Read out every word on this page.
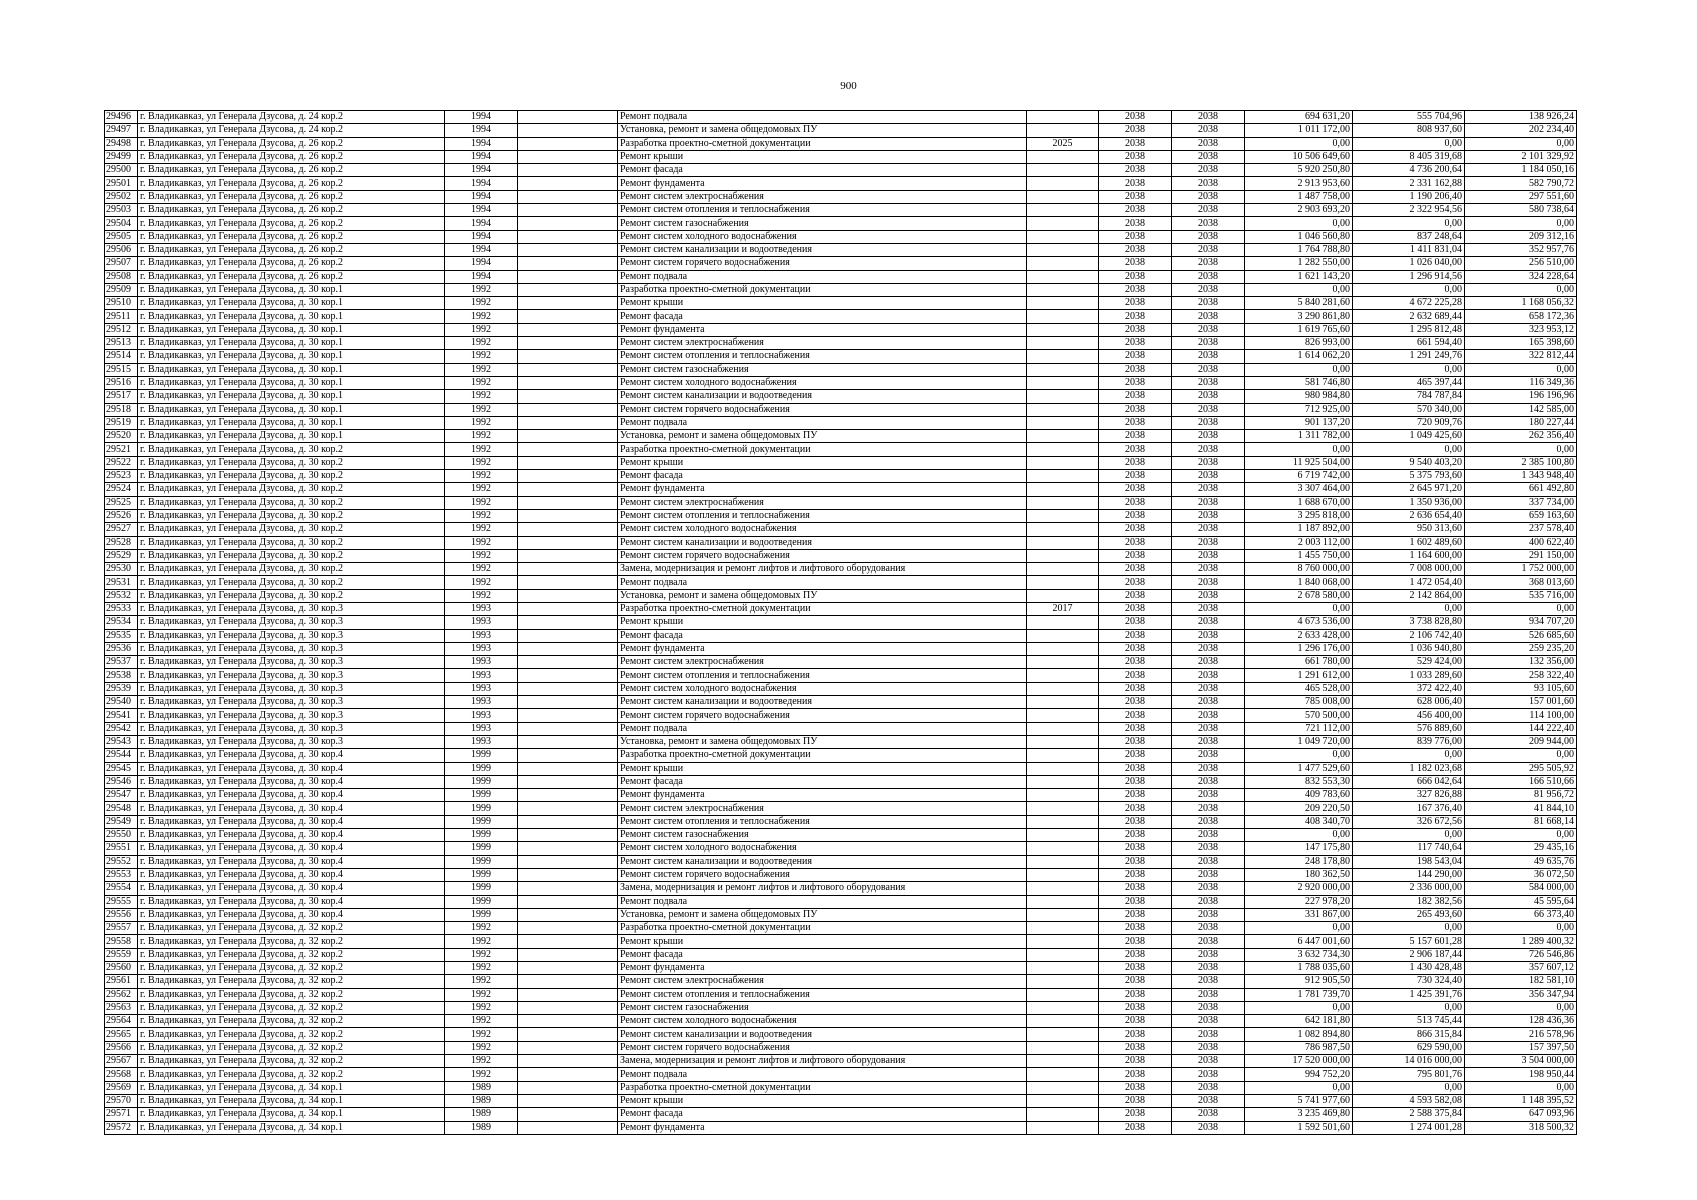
900
29496	г. Владикавказ, ул Генерала Дзусова, д. 24 кор.2	1994		Ремонт подвала		2038	2038	694 631,20	555 704,96	138 926,24
29497	г. Владикавказ, ул Генерала Дзусова, д. 24 кор.2	1994		Установка, ремонт и замена общедомовых ПУ		2038	2038	1 011 172,00	808 937,60	202 234,40
29498	г. Владикавказ, ул Генерала Дзусова, д. 26 кор.2	1994		Разработка проектно-сметной документации	2025	2038	2038	0,00	0,00	0,00
29499	г. Владикавказ, ул Генерала Дзусова, д. 26 кор.2	1994		Ремонт крыши		2038	2038	10 506 649,60	8 405 319,68	2 101 329,92
29500	г. Владикавказ, ул Генерала Дзусова, д. 26 кор.2	1994		Ремонт фасада		2038	2038	5 920 250,80	4 736 200,64	1 184 050,16
29501	г. Владикавказ, ул Генерала Дзусова, д. 26 кор.2	1994		Ремонт фундамента		2038	2038	2 913 953,60	2 331 162,88	582 790,72
29502	г. Владикавказ, ул Генерала Дзусова, д. 26 кор.2	1994		Ремонт систем электроснабжения		2038	2038	1 487 758,00	1 190 206,40	297 551,60
29503	г. Владикавказ, ул Генерала Дзусова, д. 26 кор.2	1994		Ремонт систем отопления и теплоснабжения		2038	2038	2 903 693,20	2 322 954,56	580 738,64
29504	г. Владикавказ, ул Генерала Дзусова, д. 26 кор.2	1994		Ремонт систем газоснабжения		2038	2038	0,00	0,00	0,00
29505	г. Владикавказ, ул Генерала Дзусова, д. 26 кор.2	1994		Ремонт систем холодного водоснабжения		2038	2038	1 046 560,80	837 248,64	209 312,16
29506	г. Владикавказ, ул Генерала Дзусова, д. 26 кор.2	1994		Ремонт систем канализации и водоотведения		2038	2038	1 764 788,80	1 411 831,04	352 957,76
29507	г. Владикавказ, ул Генерала Дзусова, д. 26 кор.2	1994		Ремонт систем горячего водоснабжения		2038	2038	1 282 550,00	1 026 040,00	256 510,00
29508	г. Владикавказ, ул Генерала Дзусова, д. 26 кор.2	1994		Ремонт подвала		2038	2038	1 621 143,20	1 296 914,56	324 228,64
29509	г. Владикавказ, ул Генерала Дзусова, д. 30 кор.1	1992		Разработка проектно-сметной документации		2038	2038	0,00	0,00	0,00
29510	г. Владикавказ, ул Генерала Дзусова, д. 30 кор.1	1992		Ремонт крыши		2038	2038	5 840 281,60	4 672 225,28	1 168 056,32
29511	г. Владикавказ, ул Генерала Дзусова, д. 30 кор.1	1992		Ремонт фасада		2038	2038	3 290 861,80	2 632 689,44	658 172,36
29512	г. Владикавказ, ул Генерала Дзусова, д. 30 кор.1	1992		Ремонт фундамента		2038	2038	1 619 765,60	1 295 812,48	323 953,12
29513	г. Владикавказ, ул Генерала Дзусова, д. 30 кор.1	1992		Ремонт систем электроснабжения		2038	2038	826 993,00	661 594,40	165 398,60
29514	г. Владикавказ, ул Генерала Дзусова, д. 30 кор.1	1992		Ремонт систем отопления и теплоснабжения		2038	2038	1 614 062,20	1 291 249,76	322 812,44
29515	г. Владикавказ, ул Генерала Дзусова, д. 30 кор.1	1992		Ремонт систем газоснабжения		2038	2038	0,00	0,00	0,00
29516	г. Владикавказ, ул Генерала Дзусова, д. 30 кор.1	1992		Ремонт систем холодного водоснабжения		2038	2038	581 746,80	465 397,44	116 349,36
29517	г. Владикавказ, ул Генерала Дзусова, д. 30 кор.1	1992		Ремонт систем канализации и водоотведения		2038	2038	980 984,80	784 787,84	196 196,96
29518	г. Владикавказ, ул Генерала Дзусова, д. 30 кор.1	1992		Ремонт систем горячего водоснабжения		2038	2038	712 925,00	570 340,00	142 585,00
29519	г. Владикавказ, ул Генерала Дзусова, д. 30 кор.1	1992		Ремонт подвала		2038	2038	901 137,20	720 909,76	180 227,44
29520	г. Владикавказ, ул Генерала Дзусова, д. 30 кор.1	1992		Установка, ремонт и замена общедомовых ПУ		2038	2038	1 311 782,00	1 049 425,60	262 356,40
29521	г. Владикавказ, ул Генерала Дзусова, д. 30 кор.2	1992		Разработка проектно-сметной документации		2038	2038	0,00	0,00	0,00
29522	г. Владикавказ, ул Генерала Дзусова, д. 30 кор.2	1992		Ремонт крыши		2038	2038	11 925 504,00	9 540 403,20	2 385 100,80
29523	г. Владикавказ, ул Генерала Дзусова, д. 30 кор.2	1992		Ремонт фасада		2038	2038	6 719 742,00	5 375 793,60	1 343 948,40
29524	г. Владикавказ, ул Генерала Дзусова, д. 30 кор.2	1992		Ремонт фундамента		2038	2038	3 307 464,00	2 645 971,20	661 492,80
29525	г. Владикавказ, ул Генерала Дзусова, д. 30 кор.2	1992		Ремонт систем электроснабжения		2038	2038	1 688 670,00	1 350 936,00	337 734,00
29526	г. Владикавказ, ул Генерала Дзусова, д. 30 кор.2	1992		Ремонт систем отопления и теплоснабжения		2038	2038	3 295 818,00	2 636 654,40	659 163,60
29527	г. Владикавказ, ул Генерала Дзусова, д. 30 кор.2	1992		Ремонт систем холодного водоснабжения		2038	2038	1 187 892,00	950 313,60	237 578,40
29528	г. Владикавказ, ул Генерала Дзусова, д. 30 кор.2	1992		Ремонт систем канализации и водоотведения		2038	2038	2 003 112,00	1 602 489,60	400 622,40
29529	г. Владикавказ, ул Генерала Дзусова, д. 30 кор.2	1992		Ремонт систем горячего водоснабжения		2038	2038	1 455 750,00	1 164 600,00	291 150,00
29530	г. Владикавказ, ул Генерала Дзусова, д. 30 кор.2	1992		Замена, модернизация и ремонт лифтов и лифтового оборудования		2038	2038	8 760 000,00	7 008 000,00	1 752 000,00
29531	г. Владикавказ, ул Генерала Дзусова, д. 30 кор.2	1992		Ремонт подвала		2038	2038	1 840 068,00	1 472 054,40	368 013,60
29532	г. Владикавказ, ул Генерала Дзусова, д. 30 кор.2	1992		Установка, ремонт и замена общедомовых ПУ		2038	2038	2 678 580,00	2 142 864,00	535 716,00
29533	г. Владикавказ, ул Генерала Дзусова, д. 30 кор.3	1993		Разработка проектно-сметной документации	2017	2038	2038	0,00	0,00	0,00
29534	г. Владикавказ, ул Генерала Дзусова, д. 30 кор.3	1993		Ремонт крыши		2038	2038	4 673 536,00	3 738 828,80	934 707,20
29535	г. Владикавказ, ул Генерала Дзусова, д. 30 кор.3	1993		Ремонт фасада		2038	2038	2 633 428,00	2 106 742,40	526 685,60
29536	г. Владикавказ, ул Генерала Дзусова, д. 30 кор.3	1993		Ремонт фундамента		2038	2038	1 296 176,00	1 036 940,80	259 235,20
29537	г. Владикавказ, ул Генерала Дзусова, д. 30 кор.3	1993		Ремонт систем электроснабжения		2038	2038	661 780,00	529 424,00	132 356,00
29538	г. Владикавказ, ул Генерала Дзусова, д. 30 кор.3	1993		Ремонт систем отопления и теплоснабжения		2038	2038	1 291 612,00	1 033 289,60	258 322,40
29539	г. Владикавказ, ул Генерала Дзусова, д. 30 кор.3	1993		Ремонт систем холодного водоснабжения		2038	2038	465 528,00	372 422,40	93 105,60
29540	г. Владикавказ, ул Генерала Дзусова, д. 30 кор.3	1993		Ремонт систем канализации и водоотведения		2038	2038	785 008,00	628 006,40	157 001,60
29541	г. Владикавказ, ул Генерала Дзусова, д. 30 кор.3	1993		Ремонт систем горячего водоснабжения		2038	2038	570 500,00	456 400,00	114 100,00
29542	г. Владикавказ, ул Генерала Дзусова, д. 30 кор.3	1993		Ремонт подвала		2038	2038	721 112,00	576 889,60	144 222,40
29543	г. Владикавказ, ул Генерала Дзусова, д. 30 кор.3	1993		Установка, ремонт и замена общедомовых ПУ		2038	2038	1 049 720,00	839 776,00	209 944,00
29544	г. Владикавказ, ул Генерала Дзусова, д. 30 кор.4	1999		Разработка проектно-сметной документации		2038	2038	0,00	0,00	0,00
29545	г. Владикавказ, ул Генерала Дзусова, д. 30 кор.4	1999		Ремонт крыши		2038	2038	1 477 529,60	1 182 023,68	295 505,92
29546	г. Владикавказ, ул Генерала Дзусова, д. 30 кор.4	1999		Ремонт фасада		2038	2038	832 553,30	666 042,64	166 510,66
29547	г. Владикавказ, ул Генерала Дзусова, д. 30 кор.4	1999		Ремонт фундамента		2038	2038	409 783,60	327 826,88	81 956,72
29548	г. Владикавказ, ул Генерала Дзусова, д. 30 кор.4	1999		Ремонт систем электроснабжения		2038	2038	209 220,50	167 376,40	41 844,10
29549	г. Владикавказ, ул Генерала Дзусова, д. 30 кор.4	1999		Ремонт систем отопления и теплоснабжения		2038	2038	408 340,70	326 672,56	81 668,14
29550	г. Владикавказ, ул Генерала Дзусова, д. 30 кор.4	1999		Ремонт систем газоснабжения		2038	2038	0,00	0,00	0,00
29551	г. Владикавказ, ул Генерала Дзусова, д. 30 кор.4	1999		Ремонт систем холодного водоснабжения		2038	2038	147 175,80	117 740,64	29 435,16
29552	г. Владикавказ, ул Генерала Дзусова, д. 30 кор.4	1999		Ремонт систем канализации и водоотведения		2038	2038	248 178,80	198 543,04	49 635,76
29553	г. Владикавказ, ул Генерала Дзусова, д. 30 кор.4	1999		Ремонт систем горячего водоснабжения		2038	2038	180 362,50	144 290,00	36 072,50
29554	г. Владикавказ, ул Генерала Дзусова, д. 30 кор.4	1999		Замена, модернизация и ремонт лифтов и лифтового оборудования		2038	2038	2 920 000,00	2 336 000,00	584 000,00
29555	г. Владикавказ, ул Генерала Дзусова, д. 30 кор.4	1999		Ремонт подвала		2038	2038	227 978,20	182 382,56	45 595,64
29556	г. Владикавказ, ул Генерала Дзусова, д. 30 кор.4	1999		Установка, ремонт и замена общедомовых ПУ		2038	2038	331 867,00	265 493,60	66 373,40
29557	г. Владикавказ, ул Генерала Дзусова, д. 32 кор.2	1992		Разработка проектно-сметной документации		2038	2038	0,00	0,00	0,00
29558	г. Владикавказ, ул Генерала Дзусова, д. 32 кор.2	1992		Ремонт крыши		2038	2038	6 447 001,60	5 157 601,28	1 289 400,32
29559	г. Владикавказ, ул Генерала Дзусова, д. 32 кор.2	1992		Ремонт фасада		2038	2038	3 632 734,30	2 906 187,44	726 546,86
29560	г. Владикавказ, ул Генерала Дзусова, д. 32 кор.2	1992		Ремонт фундамента		2038	2038	1 788 035,60	1 430 428,48	357 607,12
29561	г. Владикавказ, ул Генерала Дзусова, д. 32 кор.2	1992		Ремонт систем электроснабжения		2038	2038	912 905,50	730 324,40	182 581,10
29562	г. Владикавказ, ул Генерала Дзусова, д. 32 кор.2	1992		Ремонт систем отопления и теплоснабжения		2038	2038	1 781 739,70	1 425 391,76	356 347,94
29563	г. Владикавказ, ул Генерала Дзусова, д. 32 кор.2	1992		Ремонт систем газоснабжения		2038	2038	0,00	0,00	0,00
29564	г. Владикавказ, ул Генерала Дзусова, д. 32 кор.2	1992		Ремонт систем холодного водоснабжения		2038	2038	642 181,80	513 745,44	128 436,36
29565	г. Владикавказ, ул Генерала Дзусова, д. 32 кор.2	1992		Ремонт систем канализации и водоотведения		2038	2038	1 082 894,80	866 315,84	216 578,96
29566	г. Владикавказ, ул Генерала Дзусова, д. 32 кор.2	1992		Ремонт систем горячего водоснабжения		2038	2038	786 987,50	629 590,00	157 397,50
29567	г. Владикавказ, ул Генерала Дзусова, д. 32 кор.2	1992		Замена, модернизация и ремонт лифтов и лифтового оборудования		2038	2038	17 520 000,00	14 016 000,00	3 504 000,00
29568	г. Владикавказ, ул Генерала Дзусова, д. 32 кор.2	1992		Ремонт подвала		2038	2038	994 752,20	795 801,76	198 950,44
29569	г. Владикавказ, ул Генерала Дзусова, д. 34 кор.1	1989		Разработка проектно-сметной документации		2038	2038	0,00	0,00	0,00
29570	г. Владикавказ, ул Генерала Дзусова, д. 34 кор.1	1989		Ремонт крыши		2038	2038	5 741 977,60	4 593 582,08	1 148 395,52
29571	г. Владикавказ, ул Генерала Дзусова, д. 34 кор.1	1989		Ремонт фасада		2038	2038	3 235 469,80	2 588 375,84	647 093,96
29572	г. Владикавказ, ул Генерала Дзусова, д. 34 кор.1	1989		Ремонт фундамента		2038	2038	1 592 501,60	1 274 001,28	318 500,32
